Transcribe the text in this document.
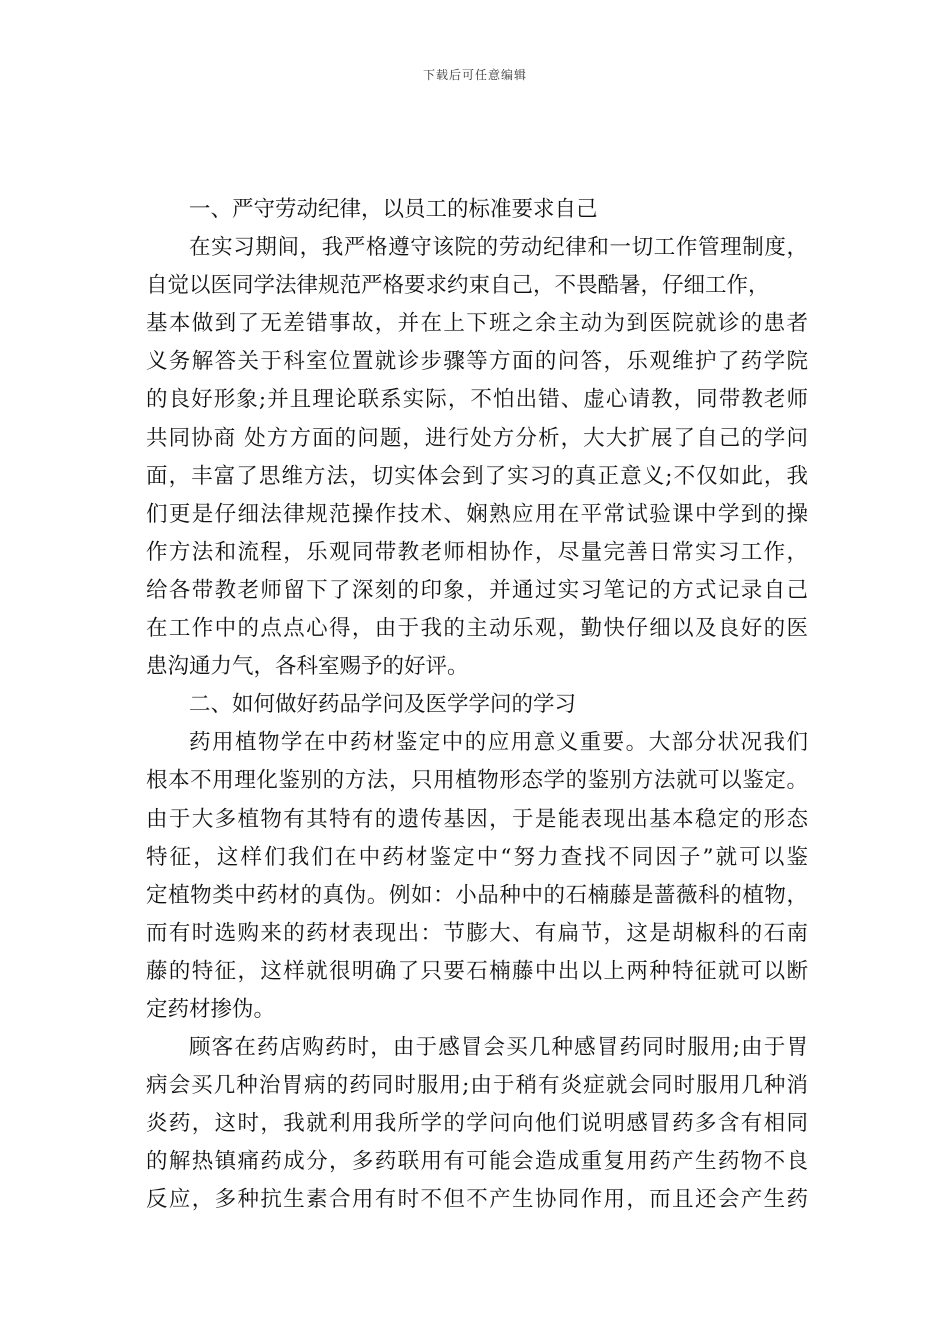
下载后可任意编辑
一、严守劳动纪律，以员工的标准要求自己
在实习期间，我严格遵守该院的劳动纪律和一切工作管理制度，
自觉以医同学法律规范严格要求约束自己，不畏酷暑，仔细工作，
基本做到了无差错事故，并在上下班之余主动为到医院就诊的患者
义务解答关于科室位置就诊步骤等方面的问答，乐观维护了药学院
的良好形象;并且理论联系实际，不怕出错、虚心请教，同带教老师
共同协商 处方方面的问题，进行处方分析，大大扩展了自己的学问
面，丰富了思维方法，切实体会到了实习的真正意义;不仅如此，我
们更是仔细法律规范操作技术、娴熟应用在平常试验课中学到的操
作方法和流程，乐观同带教老师相协作，尽量完善日常实习工作，
给各带教老师留下了深刻的印象，并通过实习笔记的方式记录自己
在工作中的点点心得，由于我的主动乐观，勤快仔细以及良好的医
患沟通力气，各科室赐予的好评。
二、如何做好药品学问及医学学问的学习
药用植物学在中药材鉴定中的应用意义重要。大部分状况我们
根本不用理化鉴别的方法，只用植物形态学的鉴别方法就可以鉴定。
由于大多植物有其特有的遗传基因，于是能表现出基本稳定的形态
特征，这样们我们在中药材鉴定中“努力查找不同因子”就可以鉴
定植物类中药材的真伪。例如：小品种中的石楠藤是蔷薇科的植物，
而有时选购来的药材表现出：节膨大、有扁节，这是胡椒科的石南
藤的特征，这样就很明确了只要石楠藤中出以上两种特征就可以断
定药材掺伪。
顾客在药店购药时，由于感冒会买几种感冒药同时服用;由于胃
病会买几种治胃病的药同时服用;由于稍有炎症就会同时服用几种消
炎药，这时，我就利用我所学的学问向他们说明感冒药多含有相同
的解热镇痛药成分，多药联用有可能会造成重复用药产生药物不良
反应，多种抗生素合用有时不但不产生协同作用，而且还会产生药
